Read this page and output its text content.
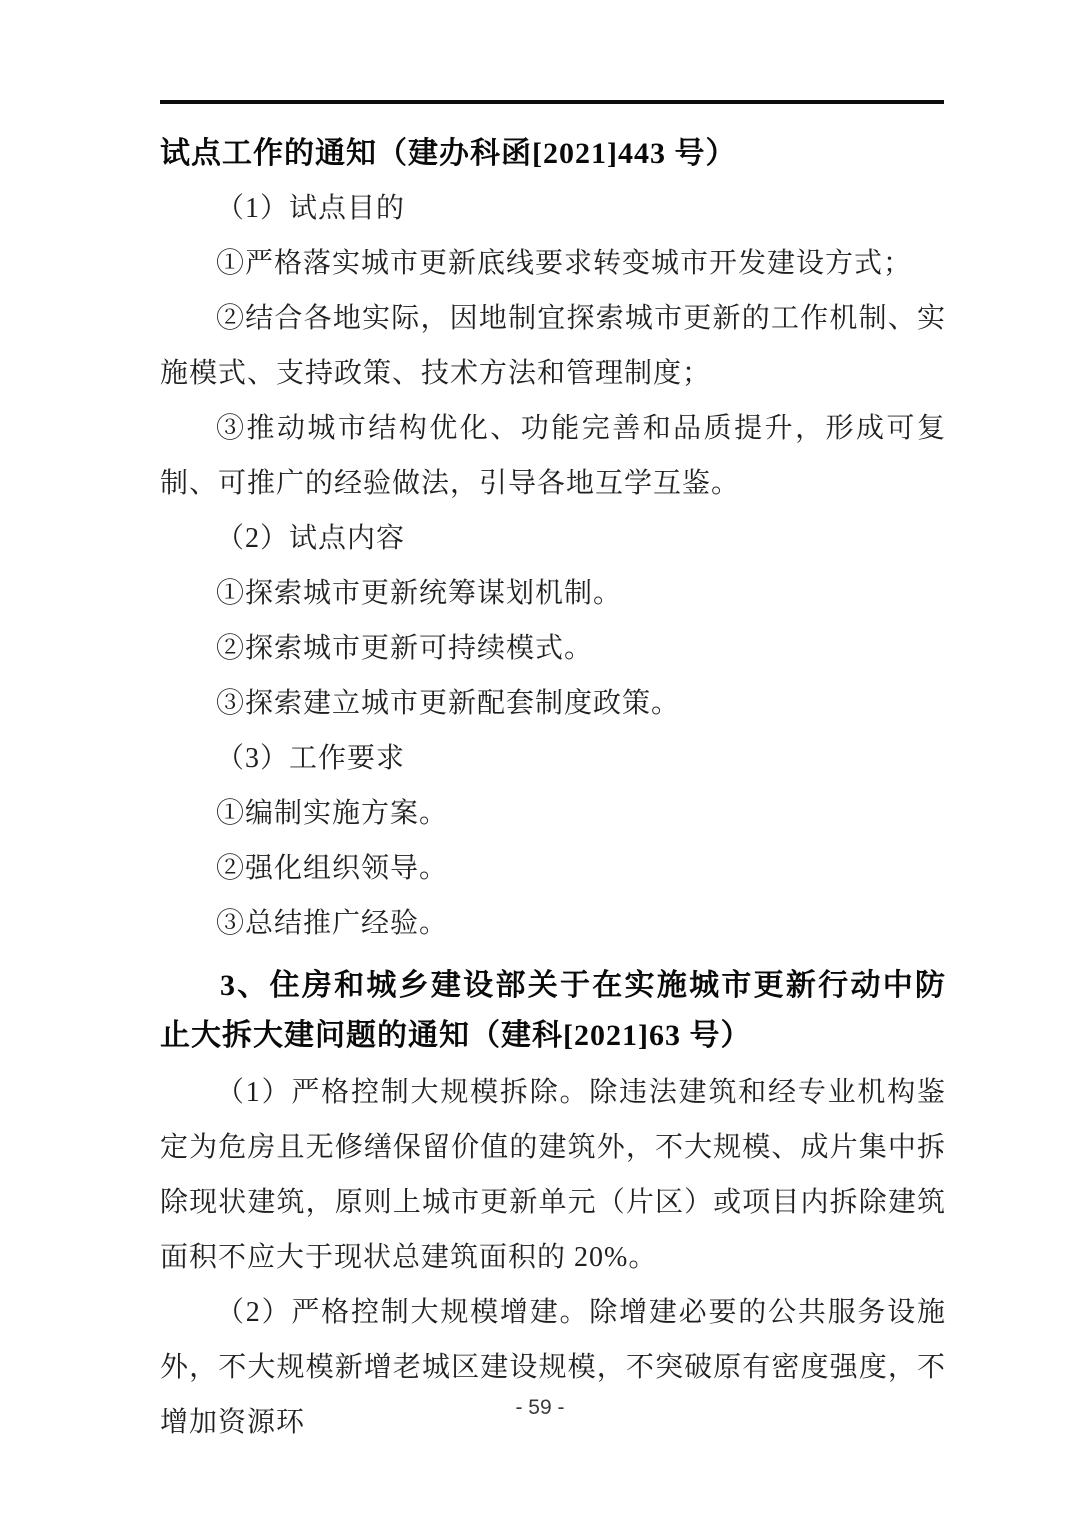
试点工作的通知（建办科函[2021]443 号）
（1）试点目的
①严格落实城市更新底线要求转变城市开发建设方式；
②结合各地实际，因地制宜探索城市更新的工作机制、实施模式、支持政策、技术方法和管理制度；
③推动城市结构优化、功能完善和品质提升，形成可复制、可推广的经验做法，引导各地互学互鉴。
（2）试点内容
①探索城市更新统筹谋划机制。
②探索城市更新可持续模式。
③探索建立城市更新配套制度政策。
（3）工作要求
①编制实施方案。
②强化组织领导。
③总结推广经验。
3、住房和城乡建设部关于在实施城市更新行动中防止大拆大建问题的通知（建科[2021]63 号）
（1）严格控制大规模拆除。除违法建筑和经专业机构鉴定为危房且无修缮保留价值的建筑外，不大规模、成片集中拆除现状建筑，原则上城市更新单元（片区）或项目内拆除建筑面积不应大于现状总建筑面积的 20%。
（2）严格控制大规模增建。除增建必要的公共服务设施外，不大规模新增老城区建设规模，不突破原有密度强度，不增加资源环	- 59 -
